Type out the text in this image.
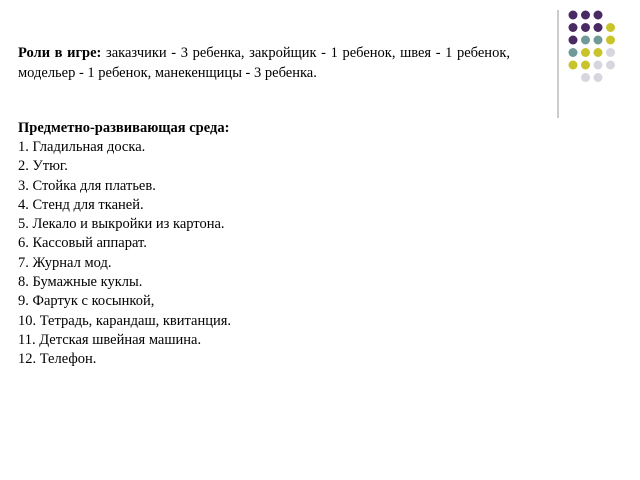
Роли в игре: заказчики - 3 ребенка, закройщик - 1 ребенок, швея - 1 ребенок, модельер - 1 ребенок, манекенщицы - 3 ребенка.

Предметно-развивающая среда:

1. Гладильная доска.
2. Утюг.
3. Стойка для платьев.
4. Стенд для тканей.
5. Лекало и выкройки из картона.
6. Кассовый аппарат.
7. Журнал мод.
8. Бумажные куклы.
9. Фартук с косынкой,
10. Тетрадь, карандаш, квитанция.
11. Детская швейная машина.
12. Телефон.
